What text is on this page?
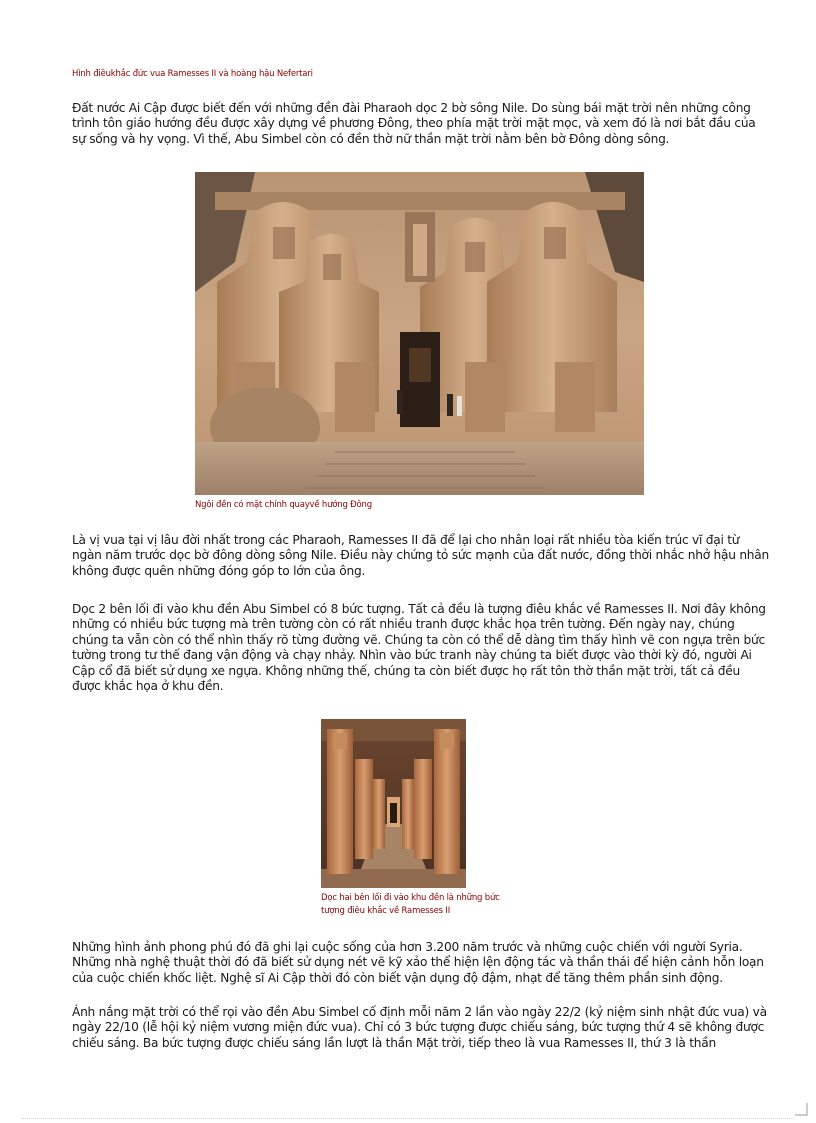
Hình điêukhắc đức vua Ramesses II và hoàng hậu Nefertari

Đất nước Ai Cập được biết đến với những đền đài Pharaoh dọc 2 bờ sông Nile. Do sùng bái mặt trời nên những công trình tôn giáo hướng đều được xây dựng về phương Đông, theo phía mặt trời mặt mọc, và xem đó là nơi bắt đầu của sự sống và hy vọng. Vì thế, Abu Simbel còn có đền thờ nữ thần mặt trời nằm bên bờ Đông dòng sông.

Ngôi đền có mặt chính quayvề hướng Đông

Là vị vua tại vị lâu đời nhất trong các Pharaoh, Ramesses II đã để lại cho nhân loại rất nhiều tòa kiến trúc vĩ đại từ ngàn năm trước dọc bờ đông dòng sông Nile. Điều này chứng tỏ sức mạnh của đất nước, đồng thời nhắc nhở hậu nhân không được quên những đóng góp to lớn của ông.

Dọc 2 bên lối đi vào khu đền Abu Simbel có 8 bức tượng. Tất cả đều là tượng điêu khắc về Ramesses II. Nơi đây không những có nhiều bức tượng mà trên tường còn có rất nhiều tranh được khắc họa trên tường. Đến ngày nay, chúng chúng ta vẫn còn có thể nhìn thấy rõ từng đường vẽ. Chúng ta còn có thể dễ dàng tìm thấy hình vẽ con ngựa trên bức tường trong tư thế đang vận động và chạy nhảy. Nhìn vào bức tranh này chúng ta biết được vào thời kỳ đó, người Ai Cập cổ đã biết sử dụng xe ngựa. Không những thế, chúng ta còn biết được họ rất tôn thờ thần mặt trời, tất cả đều được khắc họa ở khu đền.

Dọc hai bên lối đi vào khu đền là những bức
tượng điêu khắc về Ramesses II

Những hình ảnh phong phú đó đã ghi lại cuộc sống của hơn 3.200 năm trước và những cuộc chiến với người Syria. Những nhà nghệ thuật thời đó đã biết sử dụng nét vẽ kỹ xảo thể hiện lện động tác và thần thái để hiện cảnh hỗn loạn của cuộc chiến khốc liệt. Nghệ sĩ Ai Cập thời đó còn biết vận dụng độ đậm, nhạt để tăng thêm phần sinh động.

Ánh nắng mặt trời có thể rọi vào đền Abu Simbel cố định mỗi năm 2 lần vào ngày 22/2 (kỷ niệm sinh nhật đức vua) và ngày 22/10 (lễ hội kỷ niệm vương miện đức vua). Chỉ có 3 bức tượng được chiếu sáng, bức tượng thứ 4 sẽ không được chiếu sáng. Ba bức tượng được chiếu sáng lần lượt là thần Mặt trời, tiếp theo là vua Ramesses II, thứ 3 là thần
